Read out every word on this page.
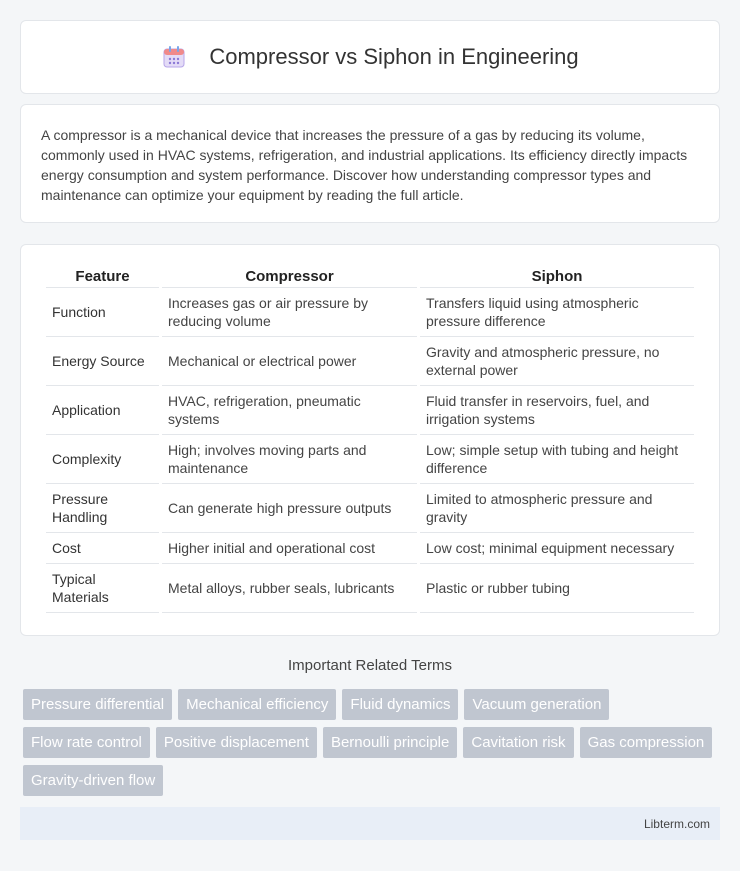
Compressor vs Siphon in Engineering

A compressor is a mechanical device that increases the pressure of a gas by reducing its volume, commonly used in HVAC systems, refrigeration, and industrial applications. Its efficiency directly impacts energy consumption and system performance. Discover how understanding compressor types and maintenance can optimize your equipment by reading the full article.

Feature	Compressor	Siphon
Function	Increases gas or air pressure by reducing volume	Transfers liquid using atmospheric pressure difference
Energy Source	Mechanical or electrical power	Gravity and atmospheric pressure, no external power
Application	HVAC, refrigeration, pneumatic systems	Fluid transfer in reservoirs, fuel, and irrigation systems
Complexity	High; involves moving parts and maintenance	Low; simple setup with tubing and height difference
Pressure Handling	Can generate high pressure outputs	Limited to atmospheric pressure and gravity
Cost	Higher initial and operational cost	Low cost; minimal equipment necessary
Typical Materials	Metal alloys, rubber seals, lubricants	Plastic or rubber tubing
Important Related Terms
Pressure differential	Mechanical efficiency	Fluid dynamics	Vacuum generation
Flow rate control	Positive displacement	Bernoulli principle	Cavitation risk	Gas compression
Gravity-driven flow
Libterm.com
